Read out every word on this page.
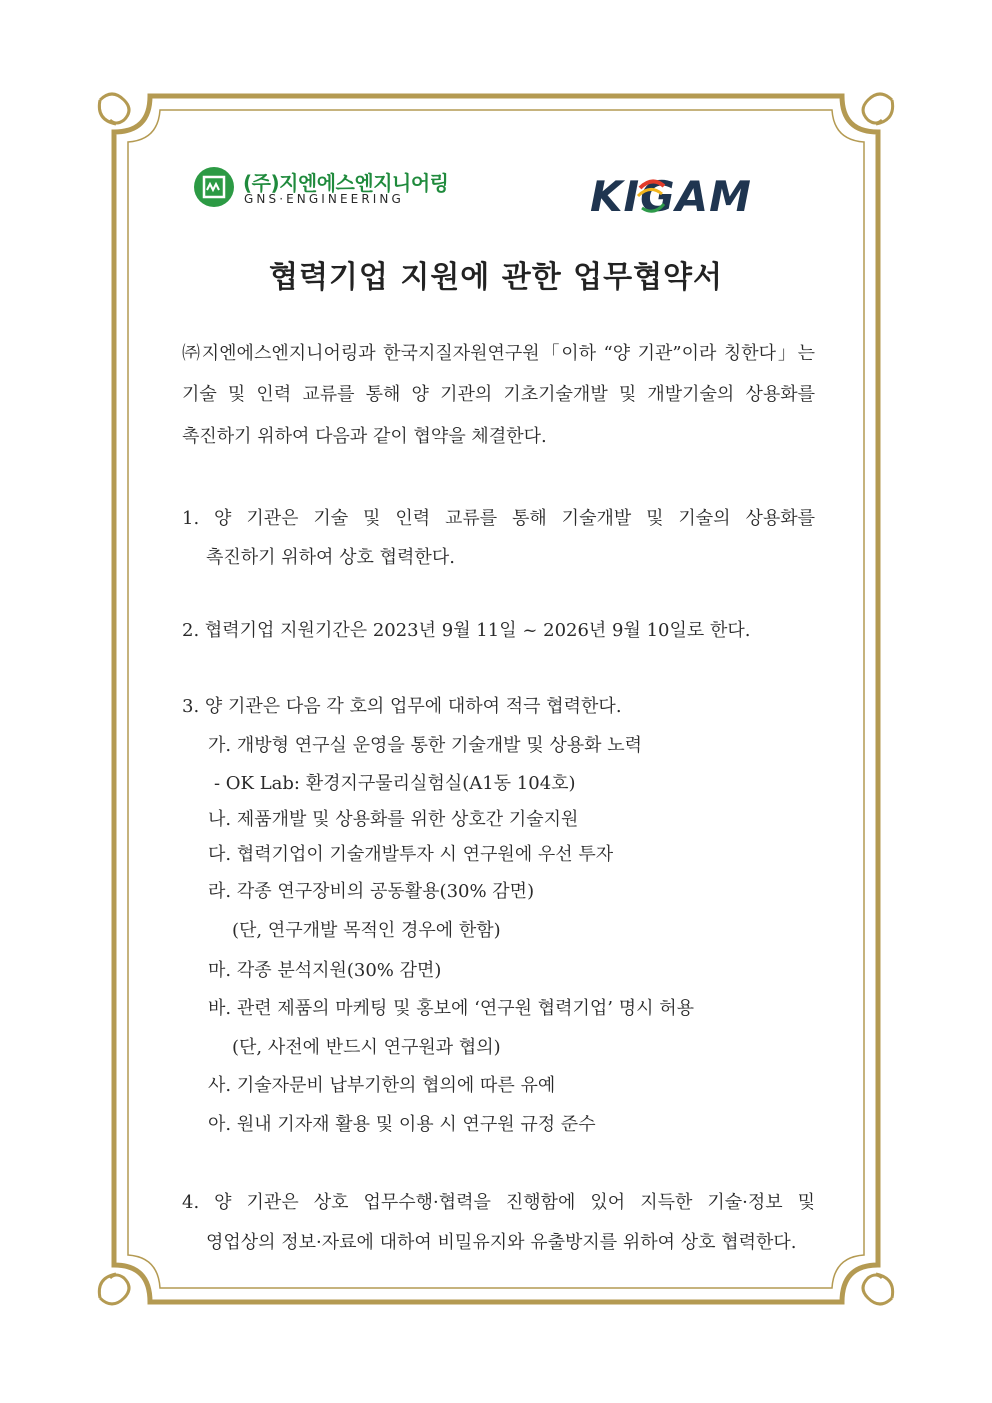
(주)지엔에스엔지니어링
GNS·ENGINEERING	KIGAM
협력기업 지원에 관한 업무협약서
㈜지엔에스엔지니어링과 한국지질자원연구원「이하 “양 기관”이라 칭한다」는
기술 및 인력 교류를 통해 양 기관의 기초기술개발 및 개발기술의 상용화를
촉진하기 위하여 다음과 같이 협약을 체결한다.
1. 양 기관은 기술 및 인력 교류를 통해 기술개발 및 기술의 상용화를
촉진하기 위하여 상호 협력한다.
2. 협력기업 지원기간은 2023년 9월 11일 ~ 2026년 9월 10일로 한다.
3. 양 기관은 다음 각 호의 업무에 대하여 적극 협력한다.
가. 개방형 연구실 운영을 통한 기술개발 및 상용화 노력
- OK Lab: 환경지구물리실험실(A1동 104호)
나. 제품개발 및 상용화를 위한 상호간 기술지원
다. 협력기업이 기술개발투자 시 연구원에 우선 투자
라. 각종 연구장비의 공동활용(30% 감면)
(단, 연구개발 목적인 경우에 한함)
마. 각종 분석지원(30% 감면)
바. 관련 제품의 마케팅 및 홍보에 ‘연구원 협력기업’ 명시 허용
(단, 사전에 반드시 연구원과 협의)
사. 기술자문비 납부기한의 협의에 따른 유예
아. 원내 기자재 활용 및 이용 시 연구원 규정 준수
4. 양 기관은 상호 업무수행·협력을 진행함에 있어 지득한 기술·정보 및
영업상의 정보·자료에 대하여 비밀유지와 유출방지를 위하여 상호 협력한다.
